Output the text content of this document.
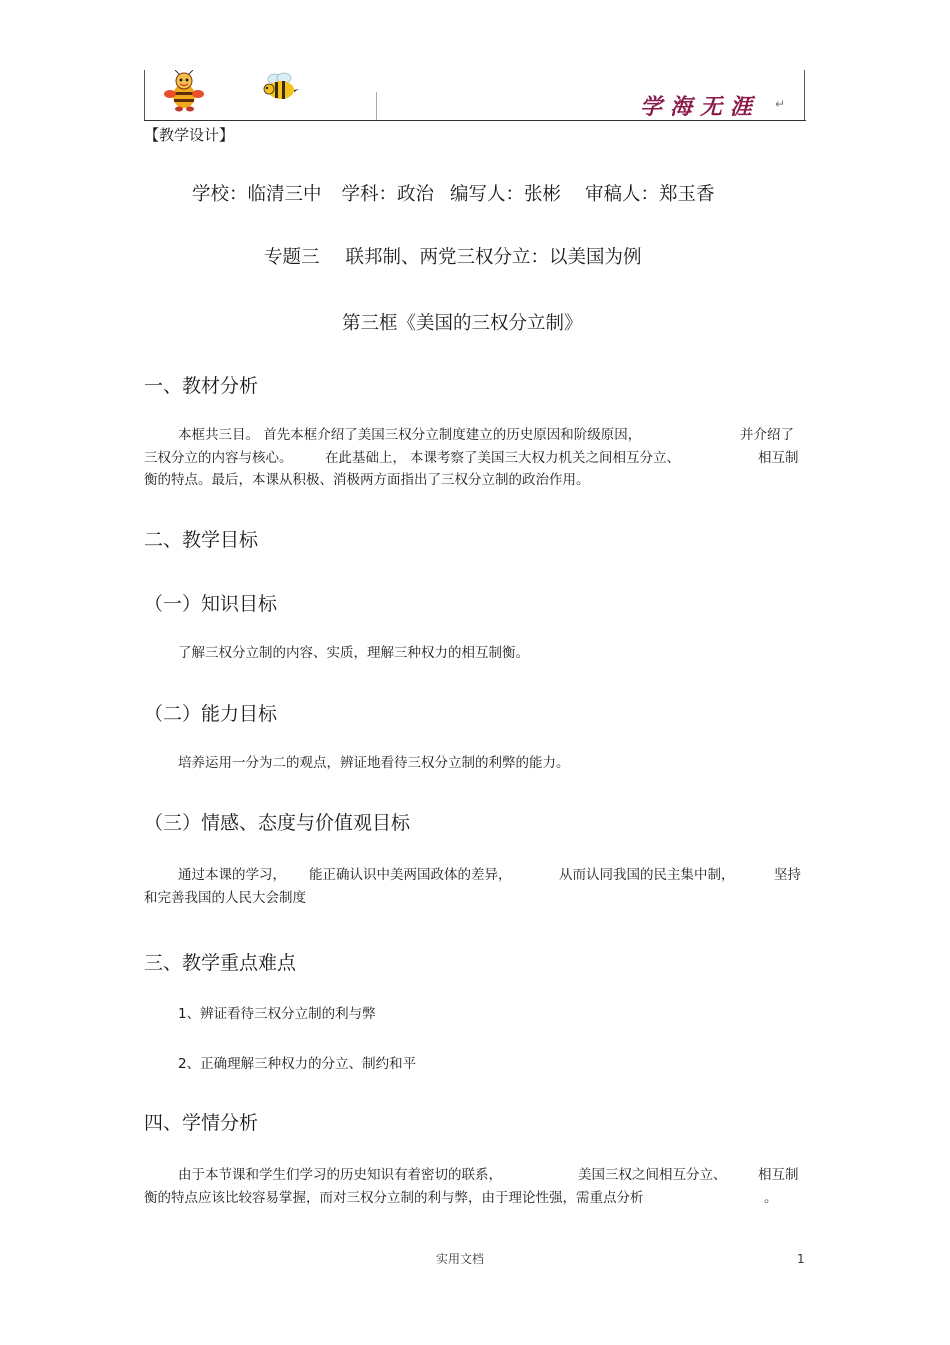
学海无涯	↵
【教学设计】
学校：临清三中 学科：政治 编写人：张彬 审稿人：郑玉香
专题三 联邦制、两党三权分立：以美国为例
第三框《美国的三权分立制》
一、教材分析
本框共三目。 首先本框介绍了美国三权分立制度建立的历史原因和阶级原因，	并介绍了
三权分立的内容与核心。 在此基础上， 本课考察了美国三大权力机关之间相互分立、	相互制
衡的特点。最后，本课从积极、消极两方面指出了三权分立制的政治作用。
二、教学目标
（一）知识目标
了解三权分立制的内容、实质，理解三种权力的相互制衡。
（二）能力目标
培养运用一分为二的观点，辨证地看待三权分立制的利弊的能力。
（三）情感、态度与价值观目标
通过本课的学习， 能正确认识中美两国政体的差异，	从而认同我国的民主集中制，	坚持
和完善我国的人民大会制度
三、教学重点难点
1、辨证看待三权分立制的利与弊
2、正确理解三种权力的分立、制约和平
四、学情分析
由于本节课和学生们学习的历史知识有着密切的联系，	美国三权之间相互分立、 相互制
衡的特点应该比较容易掌握，而对三权分立制的利与弊，由于理论性强，需重点分析	。
实用文档	1
